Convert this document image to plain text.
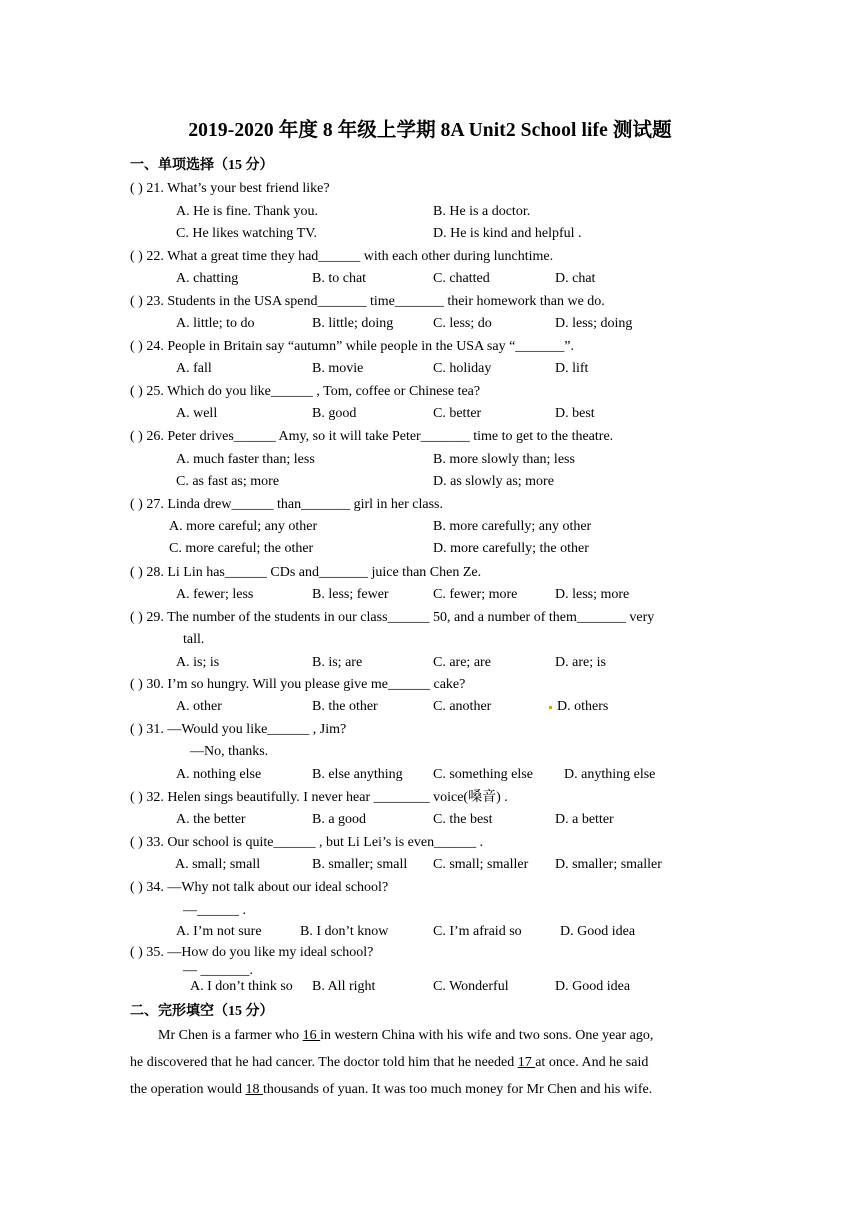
2019-2020 年度 8 年级上学期 8A Unit2 School life 测试题
一、单项选择（15 分）
( ) 21. What’s your best friend like?
A. He is fine. Thank you.	B. He is a doctor.
C. He likes watching TV.	D. He is kind and helpful .
( ) 22. What a great time they had______ with each other during lunchtime.
A. chatting	B. to chat	C. chatted	D. chat
( ) 23. Students in the USA spend_______ time_______ their homework than we do.
A. little; to do	B. little; doing	C. less; do	D. less; doing
( ) 24. People in Britain say “autumn” while people in the USA say “_______”.
A. fall	B. movie	C. holiday	D. lift
( ) 25. Which do you like______ , Tom, coffee or Chinese tea?
A. well	B. good	C. better	D. best
( ) 26. Peter drives______ Amy, so it will take Peter_______ time to get to the theatre.
A. much faster than; less	B. more slowly than; less
C. as fast as; more	D. as slowly as; more
( ) 27. Linda drew______ than_______ girl in her class.
A. more careful; any other	B. more carefully; any other
C. more careful; the other	D. more carefully; the other
( ) 28. Li Lin has______ CDs and_______ juice than Chen Ze.
A. fewer; less	B. less; fewer	C. fewer; more	D. less; more
( ) 29. The number of the students in our class______ 50, and a number of them_______ very
tall.
A. is; is	B. is; are	C. are; are	D. are; is
( ) 30. I’m so hungry. Will you please give me______ cake?
A. other	B. the other	C. another	D. others
( ) 31. —Would you like______ , Jim?
—No, thanks.
A. nothing else	B. else anything C. something else D. anything else
( ) 32. Helen sings beautifully. I never hear ________ voice(嗓音) .
A. the better	B. a good	C. the best	D. a better
( ) 33. Our school is quite______ , but Li Lei’s is even______ .
A. small; small	B. smaller; small C. small; smaller D. smaller; smaller
( ) 34. —Why not talk about our ideal school?
—______ .
A. I’m not sure	B. I don’t know	C. I’m afraid so	D. Good idea
( ) 35. —How do you like my ideal school?
— _______.
A. I don’t think so B. All right	C. Wonderful	D. Good idea
二、完形填空（15 分）
Mr Chen is a farmer who 16 in western China with his wife and two sons. One year ago,
he discovered that he had cancer. The doctor told him that he needed 17 at once. And he said
the operation would 18 thousands of yuan. It was too much money for Mr Chen and his wife.
